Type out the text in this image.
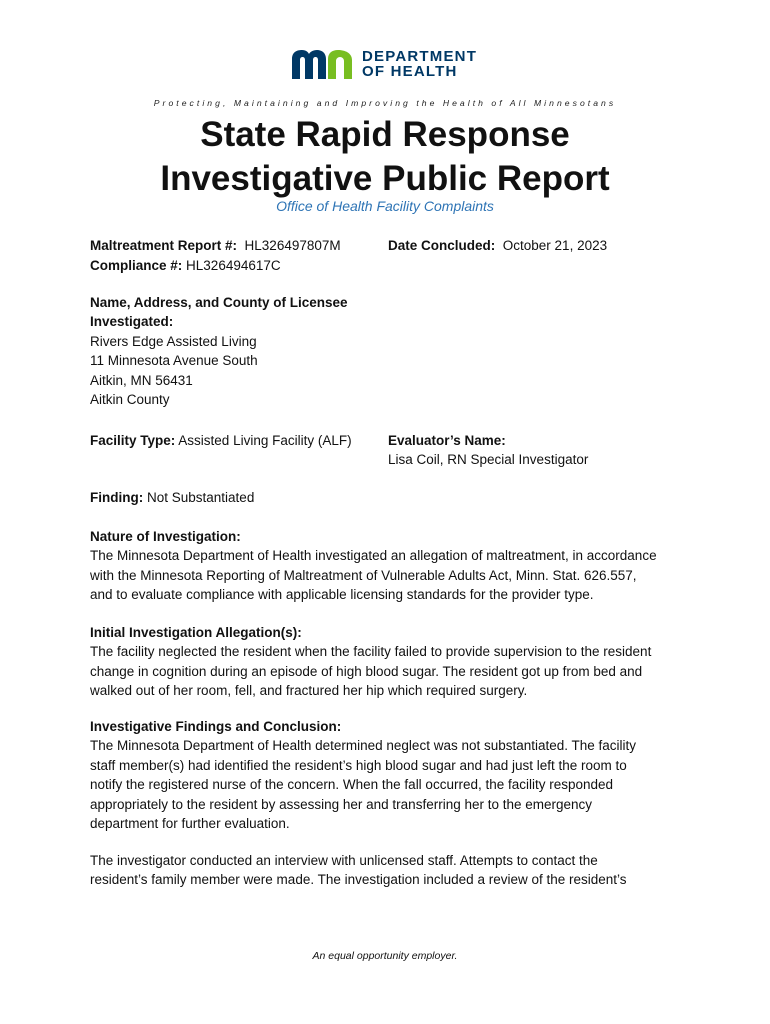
DEPARTMENT
OF HEALTH
Protecting, Maintaining and Improving the Health of All Minnesotans
State Rapid Response
Investigative Public Report
Office of Health Facility Complaints
Maltreatment Report #: HL326497807M
Compliance #: HL326494617C
Date Concluded: October 21, 2023
Name, Address, and County of Licensee
Investigated:
Rivers Edge Assisted Living
11 Minnesota Avenue South
Aitkin, MN 56431
Aitkin County
Facility Type: Assisted Living Facility (ALF)	Evaluator’s Name:
Lisa Coil, RN Special Investigator
Finding: Not Substantiated
Nature of Investigation:
The Minnesota Department of Health investigated an allegation of maltreatment, in accordance
with the Minnesota Reporting of Maltreatment of Vulnerable Adults Act, Minn. Stat. 626.557,
and to evaluate compliance with applicable licensing standards for the provider type.
Initial Investigation Allegation(s):
The facility neglected the resident when the facility failed to provide supervision to the resident
change in cognition during an episode of high blood sugar. The resident got up from bed and
walked out of her room, fell, and fractured her hip which required surgery.
Investigative Findings and Conclusion:
The Minnesota Department of Health determined neglect was not substantiated. The facility
staff member(s) had identified the resident’s high blood sugar and had just left the room to
notify the registered nurse of the concern. When the fall occurred, the facility responded
appropriately to the resident by assessing her and transferring her to the emergency
department for further evaluation.
The investigator conducted an interview with unlicensed staff. Attempts to contact the
resident’s family member were made. The investigation included a review of the resident’s
An equal opportunity employer.
